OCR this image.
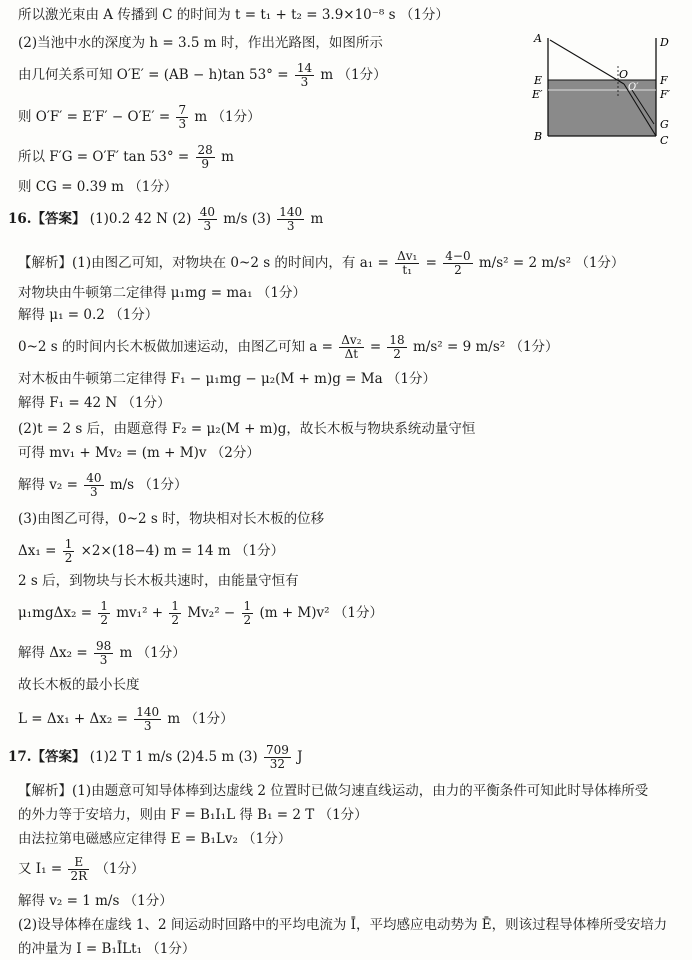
所以激光束由 A 传播到 C 的时间为 t = t₁ + t₂ = 3.9×10⁻⁸ s （1分）
(2)当池中水的深度为 h = 3.5 m 时，作出光路图，如图所示
由几何关系可知 O′E′ = (AB − h)tan $53^\circ = \frac{14}{3}$ m （1分）
则 $O'F' = E'F' - O'E' = \frac{7}{3}$ m （1分）
所以 F′G = O′F′ $\tan 53^\circ = \frac{28}{9}$ m
则 CG = 0.39 m （1分）
16.【答案】 (1)0.2 42 N $(2) \frac{40}{3} m/s$ $(3) \frac{140}{3}$ m
【解析】(1)由图乙可知，对物块在 0~2 s 的时间内，有 $a_1 = \frac{\text{Δv₁}}{\text{t₁}} = \frac{4-0}{2} m/s^2 = 2$ m/s² （1分）
对物块由牛顿第二定律得 μ₁mg = ma₁ （1分）
解得 μ₁ = 0.2 （1分）
0~2 s 的时间内长木板做加速运动，由图乙可知 $a = \frac{\text{Δv₂}}{\Delta t} = \frac{18}{2} m/s^2 = 9$ m/s² （1分）
对木板由牛顿第二定律得 F₁ − μ₁mg − μ₂(M + m)g = Ma （1分）
解得 F₁ = 42 N （1分）
(2)t = 2 s 后，由题意得 F₂ = μ₂(M + m)g，故长木板与物块系统动量守恒
可得 mv₁ + Mv₂ = (m + M)v （2分）
解得 $v_2 = \frac{40}{3} m/s$ （1分）
(3)由图乙可得，0~2 s 时，物块相对长木板的位移
$\Delta x_1 = \frac{1}{2} \times 2\times(18-4) m = 14$ m （1分）
2 s 后，到物块与长木板共速时，由能量守恒有
$\mu_1mg\Delta x_2 = \frac{1}{2} mv_1^2 + \frac{1}{2} Mv_2^2 - \frac{1}{2} (m + M)v^2$ （1分）
解得 $\Delta x_2 = \frac{98}{3}$ m （1分）
故长木板的最小长度
$L = \Delta x_1 + \Delta x_2 = \frac{140}{3}$ m （1分）
17.【答案】 (1)2 T 1 m/s (2)4.5 m $(3) \frac{709}{32}$ J
【解析】(1)由题意可知导体棒到达虚线 2 位置时已做匀速直线运动，由力的平衡条件可知此时导体棒所受
的外力等于安培力，则由 F = B₁I₁L 得 B₁ = 2 T （1分）
由法拉第电磁感应定律得 E = B₁Lv₂ （1分）
又 $I_1 = \frac{E}{2R} (1$分）
解得 v₂ = 1 m/s （1分）
(2)设导体棒在虚线 1、2 间运动时回路中的平均电流为 Ī，平均感应电动势为 Ē，则该过程导体棒所受安培力
的冲量为 I = B₁ĪLt₁ （1分）
A	D
E
E′
F
F′
O
O′
B
G
C
